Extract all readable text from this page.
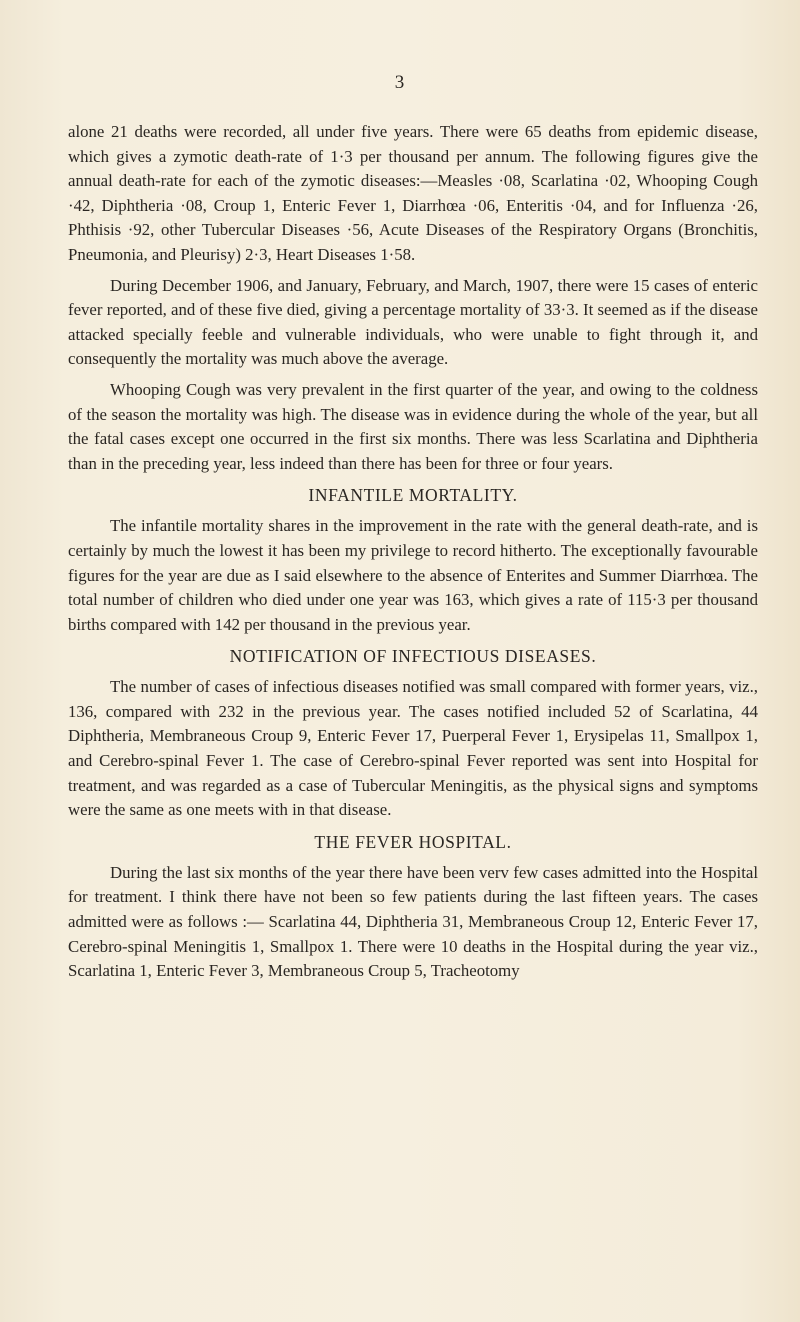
3

alone 21 deaths were recorded, all under five years. There were 65 deaths from epidemic disease, which gives a zymotic death-rate of 1·3 per thousand per annum. The following figures give the annual death-rate for each of the zymotic diseases:—Measles ·08, Scarlatina ·02, Whooping Cough ·42, Diphtheria ·08, Croup 1, Enteric Fever 1, Diarrhœa ·06, Enteritis ·04, and for Influenza ·26, Phthisis ·92, other Tubercular Diseases ·56, Acute Diseases of the Respiratory Organs (Bronchitis, Pneumonia, and Pleurisy) 2·3, Heart Diseases 1·58.

During December 1906, and January, February, and March, 1907, there were 15 cases of enteric fever reported, and of these five died, giving a percentage mortality of 33·3. It seemed as if the disease attacked specially feeble and vulnerable individuals, who were unable to fight through it, and consequently the mortality was much above the average.

Whooping Cough was very prevalent in the first quarter of the year, and owing to the coldness of the season the mortality was high. The disease was in evidence during the whole of the year, but all the fatal cases except one occurred in the first six months. There was less Scarlatina and Diphtheria than in the preceding year, less indeed than there has been for three or four years.

INFANTILE MORTALITY.

The infantile mortality shares in the improvement in the rate with the general death-rate, and is certainly by much the lowest it has been my privilege to record hitherto. The exceptionally favourable figures for the year are due as I said elsewhere to the absence of Enterites and Summer Diarrhœa. The total number of children who died under one year was 163, which gives a rate of 115·3 per thousand births compared with 142 per thousand in the previous year.

NOTIFICATION OF INFECTIOUS DISEASES.

The number of cases of infectious diseases notified was small compared with former years, viz., 136, compared with 232 in the previous year. The cases notified included 52 of Scarlatina, 44 Diphtheria, Membraneous Croup 9, Enteric Fever 17, Puerperal Fever 1, Erysipelas 11, Smallpox 1, and Cerebro-spinal Fever 1. The case of Cerebro-spinal Fever reported was sent into Hospital for treatment, and was regarded as a case of Tubercular Meningitis, as the physical signs and symptoms were the same as one meets with in that disease.

THE FEVER HOSPITAL.

During the last six months of the year there have been verv few cases admitted into the Hospital for treatment. I think there have not been so few patients during the last fifteen years. The cases admitted were as follows :— Scarlatina 44, Diphtheria 31, Membraneous Croup 12, Enteric Fever 17, Cerebro-spinal Meningitis 1, Smallpox 1. There were 10 deaths in the Hospital during the year viz., Scarlatina 1, Enteric Fever 3, Membraneous Croup 5, Tracheotomy
